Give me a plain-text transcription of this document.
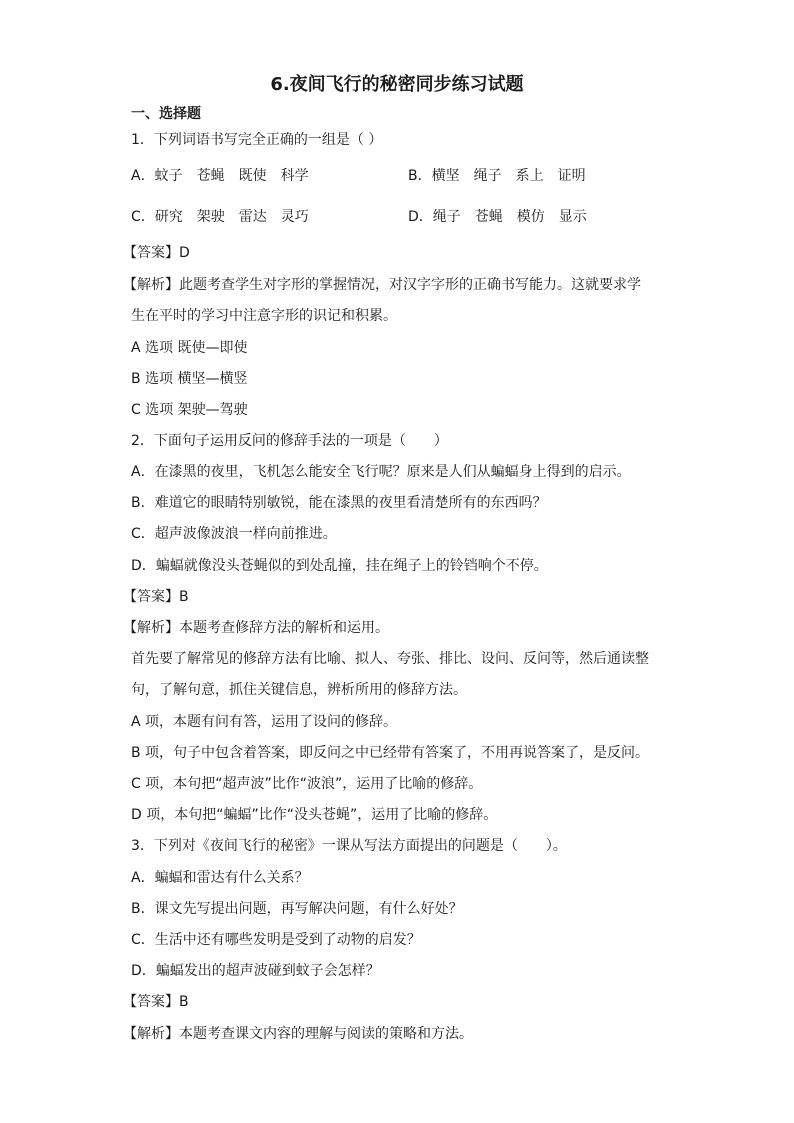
6.夜间飞行的秘密同步练习试题
一、选择题
1．下列词语书写完全正确的一组是（ ）
A．蚊子　苍蝇　既使　科学	B．横坚　绳子　系上　证明
C．研究　架驶　雷达　灵巧	D．绳子　苍蝇　模仿　显示
【答案】D
【解析】此题考查学生对字形的掌握情况，对汉字字形的正确书写能力。这就要求学
生在平时的学习中注意字形的识记和积累。
A 选项 既使—即使
B 选项 横坚—横竖
C 选项 架驶—驾驶
2．下面句子运用反问的修辞手法的一项是（　　）
A．在漆黑的夜里，飞机怎么能安全飞行呢？原来是人们从蝙蝠身上得到的启示。
B．难道它的眼睛特别敏锐，能在漆黑的夜里看清楚所有的东西吗？
C．超声波像波浪一样向前推进。
D．蝙蝠就像没头苍蝇似的到处乱撞，挂在绳子上的铃铛响个不停。
【答案】B
【解析】本题考查修辞方法的解析和运用。
首先要了解常见的修辞方法有比喻、拟人、夸张、排比、设问、反问等，然后通读整
句，了解句意，抓住关键信息，辨析所用的修辞方法。
A 项，本题有问有答，运用了设问的修辞。
B 项，句子中包含着答案，即反问之中已经带有答案了，不用再说答案了，是反问。
C 项，本句把“超声波”比作“波浪”，运用了比喻的修辞。
D 项，本句把“蝙蝠”比作“没头苍蝇”，运用了比喻的修辞。
3．下列对《夜间飞行的秘密》一课从写法方面提出的问题是（　　）。
A．蝙蝠和雷达有什么关系？
B．课文先写提出问题，再写解决问题，有什么好处？
C．生活中还有哪些发明是受到了动物的启发？
D．蝙蝠发出的超声波碰到蚊子会怎样？
【答案】B
【解析】本题考查课文内容的理解与阅读的策略和方法。
